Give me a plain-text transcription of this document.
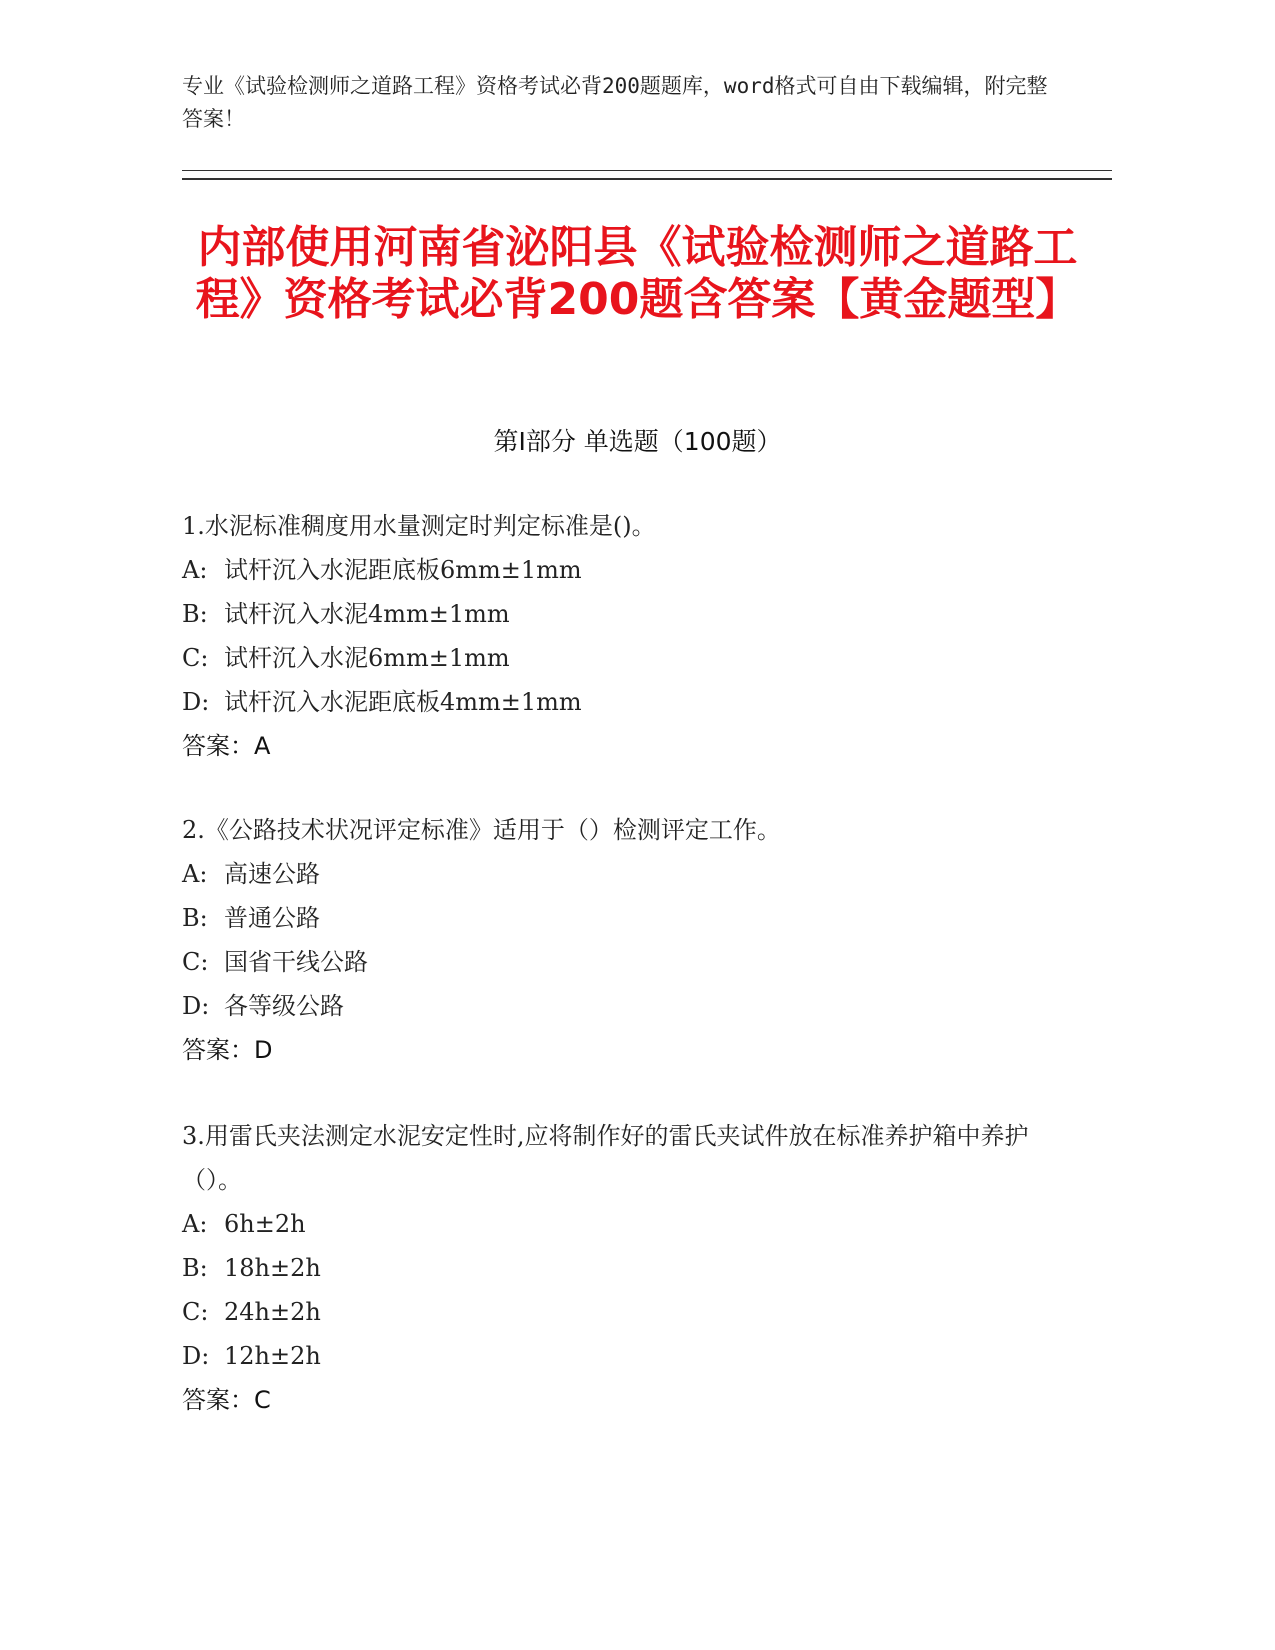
专业《试验检测师之道路工程》资格考试必背200题题库，word格式可自由下载编辑，附完整答案！
内部使用河南省泌阳县《试验检测师之道路工程》资格考试必背200题含答案【黄金题型】
第I部分 单选题（100题）
1.水泥标准稠度用水量测定时判定标准是()。
A: 试杆沉入水泥距底板6mm±1mm
B: 试杆沉入水泥4mm±1mm
C: 试杆沉入水泥6mm±1mm
D: 试杆沉入水泥距底板4mm±1mm
答案：A
2.《公路技术状况评定标准》适用于（）检测评定工作。
A: 高速公路
B: 普通公路
C: 国省干线公路
D: 各等级公路
答案：D
3.用雷氏夹法测定水泥安定性时,应将制作好的雷氏夹试件放在标准养护箱中养护（）。
A: 6h±2h
B: 18h±2h
C: 24h±2h
D: 12h±2h
答案：C
